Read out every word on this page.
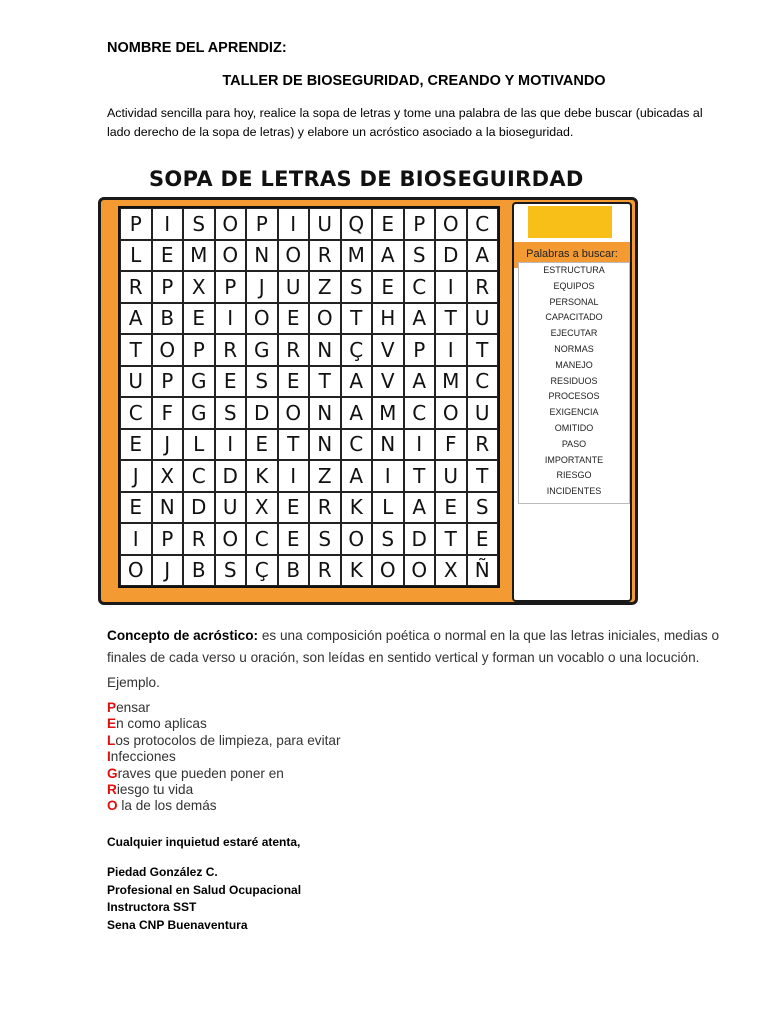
NOMBRE DEL APRENDIZ:

TALLER DE BIOSEGURIDAD, CREANDO Y MOTIVANDO

Actividad sencilla para hoy, realice la sopa de letras y tome una palabra de las que debe buscar (ubicadas al lado derecho de la sopa de letras) y elabore un acróstico asociado a la bioseguridad.

SOPA DE LETRAS DE BIOSEGUIRDAD

P	I	S O P	I	U Q E P O C
L E M O N O R M A S D A
R P X P	J	U Z S E C	I	R
A B E	I	O E O T H A T U
T O P R G R N Ç V P	I	T
U P G E S E T A V A M C
C F G S D O N A M C O U
E	J	L	I	E T N C N	I	F R
J	X C D K	I	Z A	I	T U T
E N D U X E R K L A E S
I	P R O C E S O S D T E
O	J	B S Ç B R K O O X Ñ

Palabras a buscar:

ESTRUCTURA
EQUIPOS
PERSONAL
CAPACITADO
EJECUTAR
NORMAS
MANEJO
RESIDUOS
PROCESOS
EXIGENCIA
OMITIDO
PASO
IMPORTANTE
RIESGO
INCIDENTES

Concepto de acróstico: es una composición poética o normal en la que las letras iniciales, medias o finales de cada verso u oración, son leídas en sentido vertical y forman un vocablo o una locución.

Ejemplo.

Pensar
En como aplicas
Los protocolos de limpieza, para evitar
Infecciones
Graves que pueden poner en
Riesgo tu vida
O la de los demás

Cualquier inquietud estaré atenta,

Piedad González C.
Profesional en Salud Ocupacional
Instructora SST
Sena CNP Buenaventura
